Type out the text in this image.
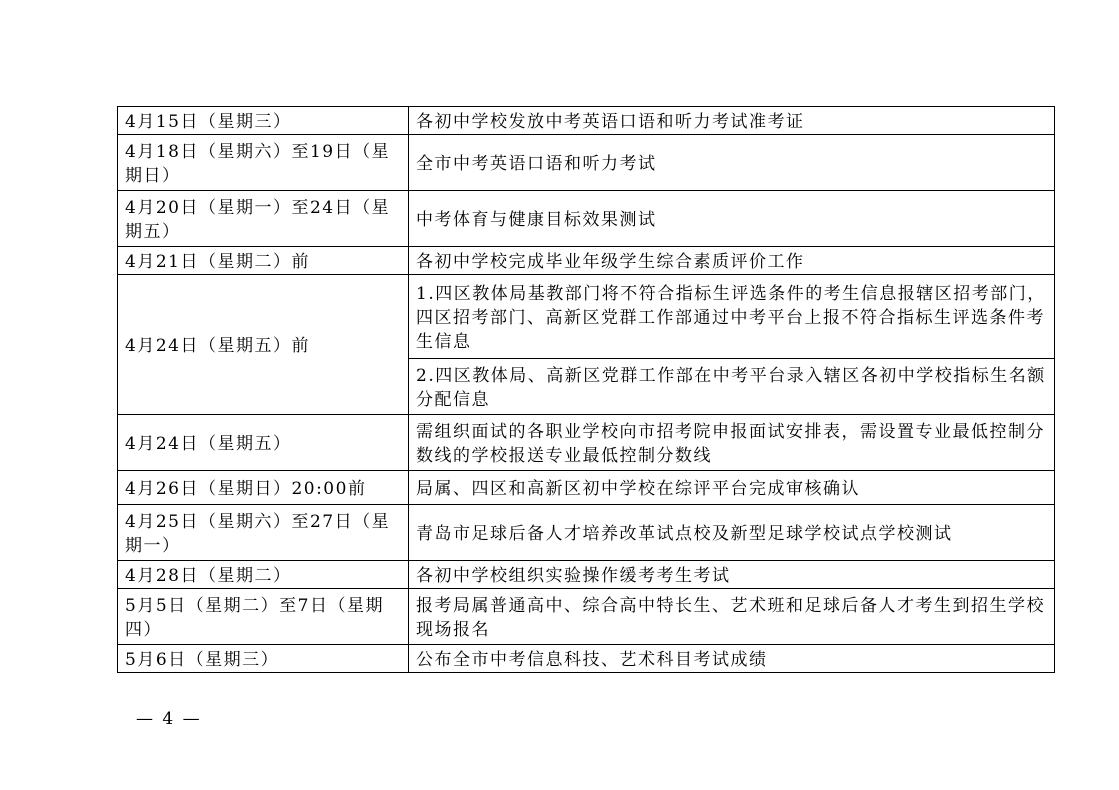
4月15日（星期三）	各初中学校发放中考英语口语和听力考试准考证
4月18日（星期六）至19日（星期日）	全市中考英语口语和听力考试
4月20日（星期一）至24日（星期五）	中考体育与健康目标效果测试
4月21日（星期二）前	各初中学校完成毕业年级学生综合素质评价工作
4月24日（星期五）前	1.四区教体局基教部门将不符合指标生评选条件的考生信息报辖区招考部门，四区招考部门、高新区党群工作部通过中考平台上报不符合指标生评选条件考生信息
	2.四区教体局、高新区党群工作部在中考平台录入辖区各初中学校指标生名额分配信息
4月24日（星期五）	需组织面试的各职业学校向市招考院申报面试安排表，需设置专业最低控制分数线的学校报送专业最低控制分数线
4月26日（星期日）20:00前	局属、四区和高新区初中学校在综评平台完成审核确认
4月25日（星期六）至27日（星期一）	青岛市足球后备人才培养改革试点校及新型足球学校试点学校测试
4月28日（星期二）	各初中学校组织实验操作缓考考生考试
5月5日（星期二）至7日（星期四）	报考局属普通高中、综合高中特长生、艺术班和足球后备人才考生到招生学校现场报名
5月6日（星期三）	公布全市中考信息科技、艺术科目考试成绩
— 4 —
